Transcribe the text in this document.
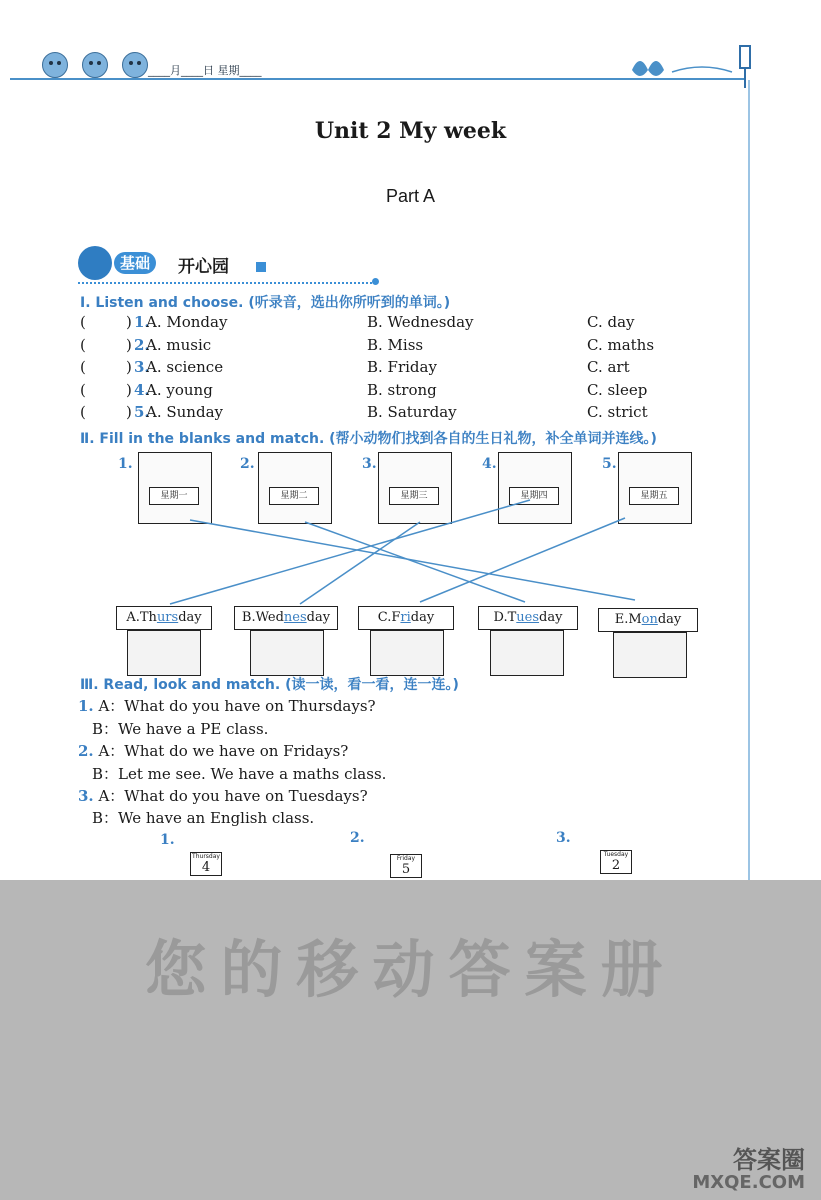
____月____日 星期____
Unit 2 My week
Part A
基础	开心园
Ⅰ. Listen and choose. (听录音，选出你所听到的单词。)
(	) 1.
A. Monday	B. Wednesday	C. day
(	) 2.
A. music	B. Miss	C. maths
(	) 3.
A. science	B. Friday	C. art
(	) 4.
A. young	B. strong	C. sleep
(	) 5.
A. Sunday	B. Saturday	C. strict
Ⅱ. Fill in the blanks and match. (帮小动物们找到各自的生日礼物，补全单词并连线。)
1.
星期一
2.
星期二
3.
星期三
4.
星期四
5.
星期五
A.Thursday	B.Wednesday	C.Friday	D.Tuesday	E.Monday
Ⅲ. Read, look and match. (读一读，看一看，连一连。)
1. A：What do you have on Thursdays?
B：We have a PE class.
2. A：What do we have on Fridays?
B：Let me see. We have a maths class.
3. A：What do you have on Tuesdays?
B：We have an English class.
1.
Thursday
4
2.
Friday
5
3.
Tuesday
2
您的移动答案册
答案圈
MXQE.COM
